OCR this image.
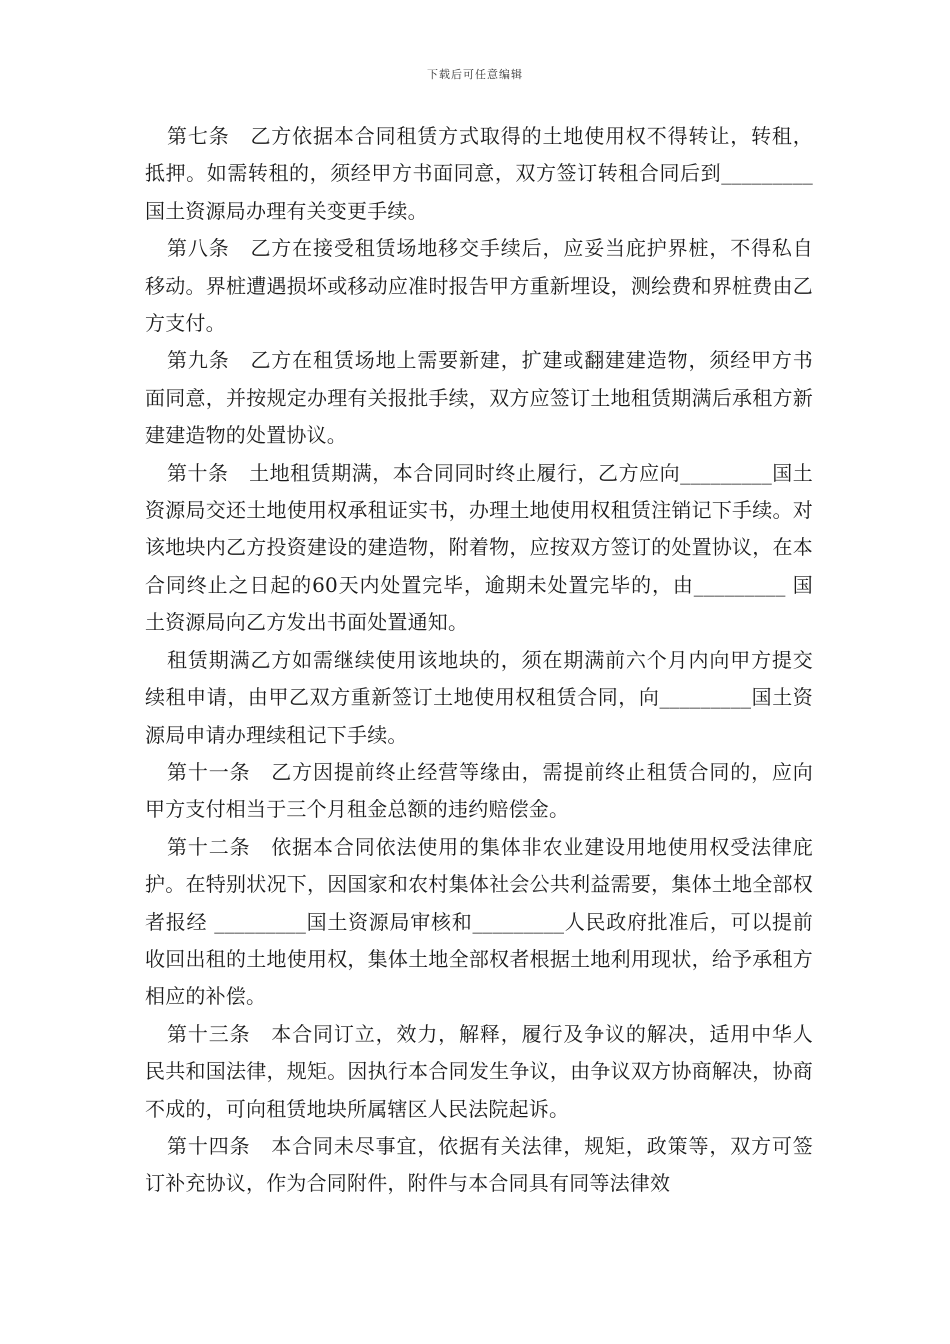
下载后可任意编辑

第七条　乙方依据本合同租赁方式取得的土地使用权不得转让，转租，抵押。如需转租的，须经甲方书面同意，双方签订转租合同后到_________国土资源局办理有关变更手续。

第八条　乙方在接受租赁场地移交手续后，应妥当庇护界桩，不得私自移动。界桩遭遇损坏或移动应准时报告甲方重新埋设，测绘费和界桩费由乙方支付。

第九条　乙方在租赁场地上需要新建，扩建或翻建建造物，须经甲方书面同意，并按规定办理有关报批手续，双方应签订土地租赁期满后承租方新建建造物的处置协议。

第十条　土地租赁期满，本合同同时终止履行，乙方应向_________国土资源局交还土地使用权承租证实书，办理土地使用权租赁注销记下手续。对该地块内乙方投资建设的建造物，附着物，应按双方签订的处置协议，在本合同终止之日起的60天内处置完毕，逾期未处置完毕的，由_________ 国土资源局向乙方发出书面处置通知。

租赁期满乙方如需继续使用该地块的，须在期满前六个月内向甲方提交续租申请，由甲乙双方重新签订土地使用权租赁合同，向_________国土资源局申请办理续租记下手续。

第十一条　乙方因提前终止经营等缘由，需提前终止租赁合同的，应向甲方支付相当于三个月租金总额的违约赔偿金。

第十二条　依据本合同依法使用的集体非农业建设用地使用权受法律庇护。在特别状况下，因国家和农村集体社会公共利益需要，集体土地全部权者报经 _________国土资源局审核和_________人民政府批准后，可以提前收回出租的土地使用权，集体土地全部权者根据土地利用现状，给予承租方相应的补偿。

第十三条　本合同订立，效力，解释，履行及争议的解决，适用中华人民共和国法律，规矩。因执行本合同发生争议，由争议双方协商解决，协商不成的，可向租赁地块所属辖区人民法院起诉。

第十四条　本合同未尽事宜，依据有关法律，规矩，政策等，双方可签订补充协议，作为合同附件，附件与本合同具有同等法律效
